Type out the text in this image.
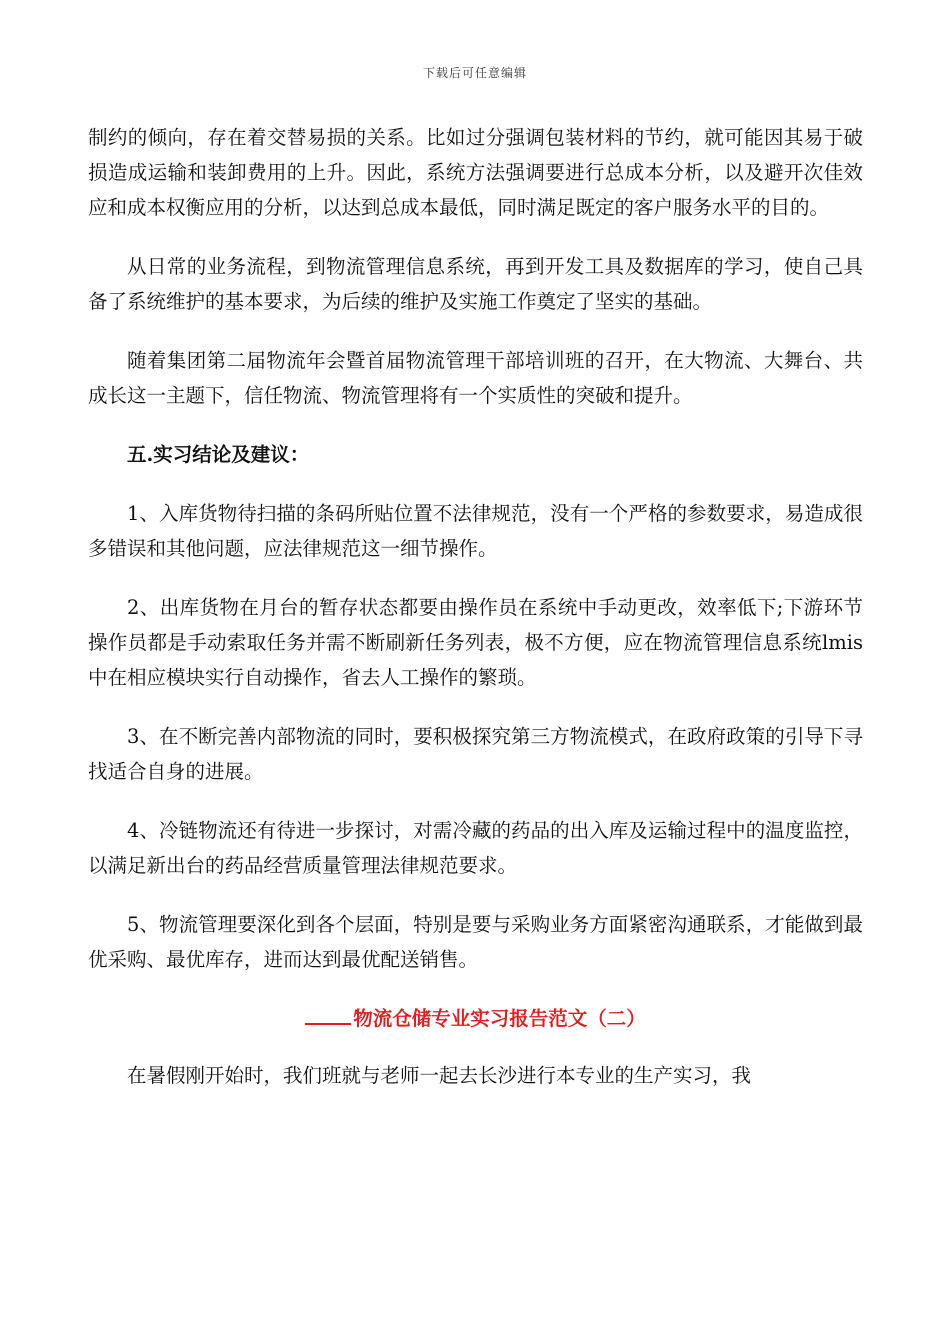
下载后可任意编辑

制约的倾向，存在着交替易损的关系。比如过分强调包装材料的节约，就可能因其易于破损造成运输和装卸费用的上升。因此，系统方法强调要进行总成本分析，以及避开次佳效应和成本权衡应用的分析，以达到总成本最低，同时满足既定的客户服务水平的目的。

从日常的业务流程，到物流管理信息系统，再到开发工具及数据库的学习，使自己具备了系统维护的基本要求，为后续的维护及实施工作奠定了坚实的基础。

随着集团第二届物流年会暨首届物流管理干部培训班的召开，在大物流、大舞台、共成长这一主题下，信任物流、物流管理将有一个实质性的突破和提升。

五.实习结论及建议：

1、入库货物待扫描的条码所贴位置不法律规范，没有一个严格的参数要求，易造成很多错误和其他问题，应法律规范这一细节操作。

2、出库货物在月台的暂存状态都要由操作员在系统中手动更改，效率低下;下游环节操作员都是手动索取任务并需不断刷新任务列表，极不方便，应在物流管理信息系统lmis中在相应模块实行自动操作，省去人工操作的繁琐。

3、在不断完善内部物流的同时，要积极探究第三方物流模式，在政府政策的引导下寻找适合自身的进展。

4、冷链物流还有待进一步探讨，对需冷藏的药品的出入库及运输过程中的温度监控，以满足新出台的药品经营质量管理法律规范要求。

5、物流管理要深化到各个层面，特别是要与采购业务方面紧密沟通联系，才能做到最优采购、最优库存，进而达到最优配送销售。

物流仓储专业实习报告范文（二）

在暑假刚开始时，我们班就与老师一起去长沙进行本专业的生产实习，我
